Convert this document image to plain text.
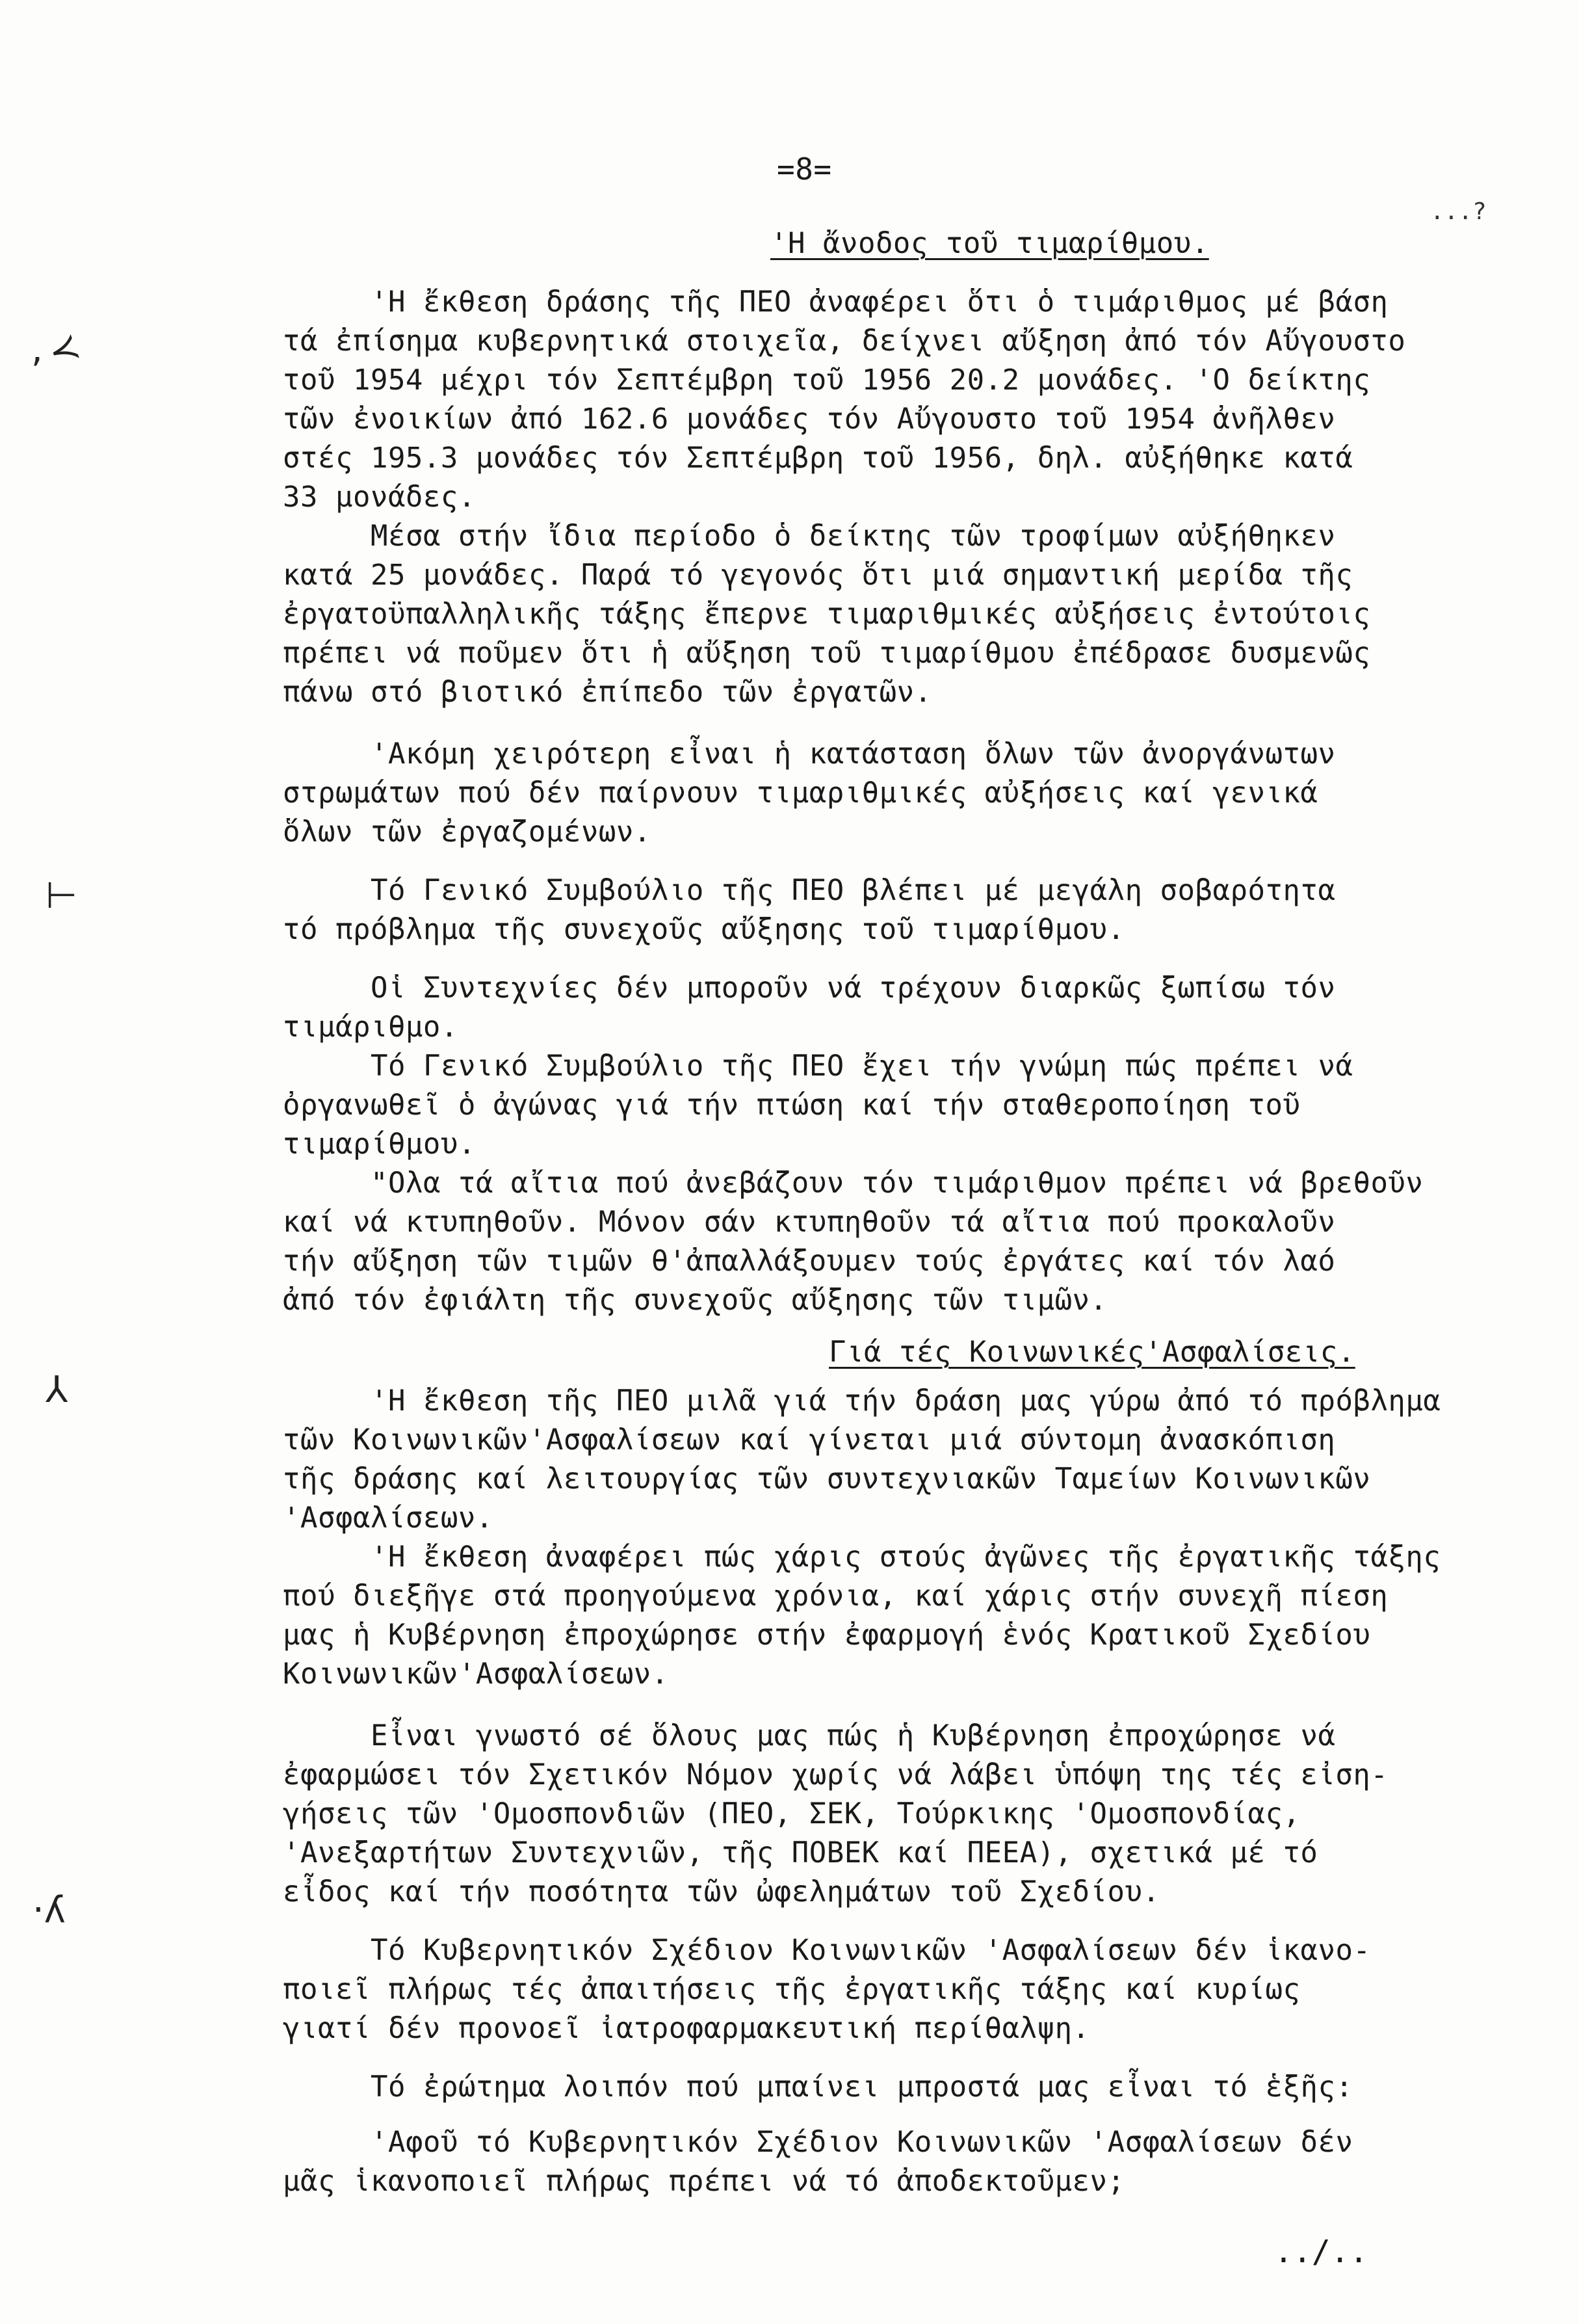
=8=
...?
, ≺
⊢
⅄
·ʎ
'Η ἄνοδος τοῦ τιμαρίθμου.
'Η ἔκθεση δράσης τῆς ΠΕΟ ἀναφέρει ὅτι ὁ τιμάριθμος μέ βάση
τά ἐπίσημα κυβερνητικά στοιχεῖα, δείχνει αὔξηση ἀπό τόν Αὔγουστο
τοῦ 1954 μέχρι τόν Σεπτέμβρη τοῦ 1956 20.2 μονάδες. 'Ο δείκτης
τῶν ἐνοικίων ἀπό 162.6 μονάδες τόν Αὔγουστο τοῦ 1954 ἀνῆλθεν
στές 195.3 μονάδες τόν Σεπτέμβρη τοῦ 1956, δηλ. αὐξήθηκε κατά
33 μονάδες.
Μέσα στήν ἴδια περίοδο ὁ δείκτης τῶν τροφίμων αὐξήθηκεν
κατά 25 μονάδες. Παρά τό γεγονός ὅτι μιά σημαντική μερίδα τῆς
ἐργατοϋπαλληλικῆς τάξης ἔπερνε τιμαριθμικές αὐξήσεις ἐντούτοις
πρέπει νά ποῦμεν ὅτι ἡ αὔξηση τοῦ τιμαρίθμου ἐπέδρασε δυσμενῶς
πάνω στό βιοτικό ἐπίπεδο τῶν ἐργατῶν.
'Ακόμη χειρότερη εἶναι ἡ κατάσταση ὅλων τῶν ἀνοργάνωτων
στρωμάτων πού δέν παίρνουν τιμαριθμικές αὐξήσεις καί γενικά
ὅλων τῶν ἐργαζομένων.
Τό Γενικό Συμβούλιο τῆς ΠΕΟ βλέπει μέ μεγάλη σοβαρότητα
τό πρόβλημα τῆς συνεχοῦς αὔξησης τοῦ τιμαρίθμου.
Οἱ Συντεχνίες δέν μποροῦν νά τρέχουν διαρκῶς ξωπίσω τόν
τιμάριθμο.
Τό Γενικό Συμβούλιο τῆς ΠΕΟ ἔχει τήν γνώμη πώς πρέπει νά
ὀργανωθεῖ ὁ ἀγώνας γιά τήν πτώση καί τήν σταθεροποίηση τοῦ
τιμαρίθμου.
"Ολα τά αἴτια πού ἀνεβάζουν τόν τιμάριθμον πρέπει νά βρεθοῦν
καί νά κτυπηθοῦν. Μόνον σάν κτυπηθοῦν τά αἴτια πού προκαλοῦν
τήν αὔξηση τῶν τιμῶν θ'ἀπαλλάξουμεν τούς ἐργάτες καί τόν λαό
ἀπό τόν ἐφιάλτη τῆς συνεχοῦς αὔξησης τῶν τιμῶν.
Γιά τές Κοινωνικές'Ασφαλίσεις.
'Η ἔκθεση τῆς ΠΕΟ μιλᾶ γιά τήν δράση μας γύρω ἀπό τό πρόβλημα
τῶν Κοινωνικῶν'Ασφαλίσεων καί γίνεται μιά σύντομη ἀνασκόπιση
τῆς δράσης καί λειτουργίας τῶν συντεχνιακῶν Ταμείων Κοινωνικῶν
'Ασφαλίσεων.
'Η ἔκθεση ἀναφέρει πώς χάρις στούς ἀγῶνες τῆς ἐργατικῆς τάξης
πού διεξῆγε στά προηγούμενα χρόνια, καί χάρις στήν συνεχῆ πίεση
μας ἡ Κυβέρνηση ἐπροχώρησε στήν ἐφαρμογή ἑνός Κρατικοῦ Σχεδίου
Κοινωνικῶν'Ασφαλίσεων.
Εἶναι γνωστό σέ ὅλους μας πώς ἡ Κυβέρνηση ἐπροχώρησε νά
ἐφαρμώσει τόν Σχετικόν Νόμον χωρίς νά λάβει ὑπόψη της τές εἰση-
γήσεις τῶν 'Ομοσπονδιῶν (ΠΕΟ, ΣΕΚ, Τούρκικης 'Ομοσπονδίας,
'Ανεξαρτήτων Συντεχνιῶν, τῆς ΠΟΒΕΚ καί ΠΕΕΑ), σχετικά μέ τό
εἶδος καί τήν ποσότητα τῶν ὠφελημάτων τοῦ Σχεδίου.
Τό Κυβερνητικόν Σχέδιον Κοινωνικῶν 'Ασφαλίσεων δέν ἱκανο-
ποιεῖ πλήρως τές ἀπαιτήσεις τῆς ἐργατικῆς τάξης καί κυρίως
γιατί δέν προνοεῖ ἰατροφαρμακευτική περίθαλψη.
Τό ἐρώτημα λοιπόν πού μπαίνει μπροστά μας εἶναι τό ἑξῆς:
'Αφοῦ τό Κυβερνητικόν Σχέδιον Κοινωνικῶν 'Ασφαλίσεων δέν
μᾶς ἱκανοποιεῖ πλήρως πρέπει νά τό ἀποδεκτοῦμεν;
../..
